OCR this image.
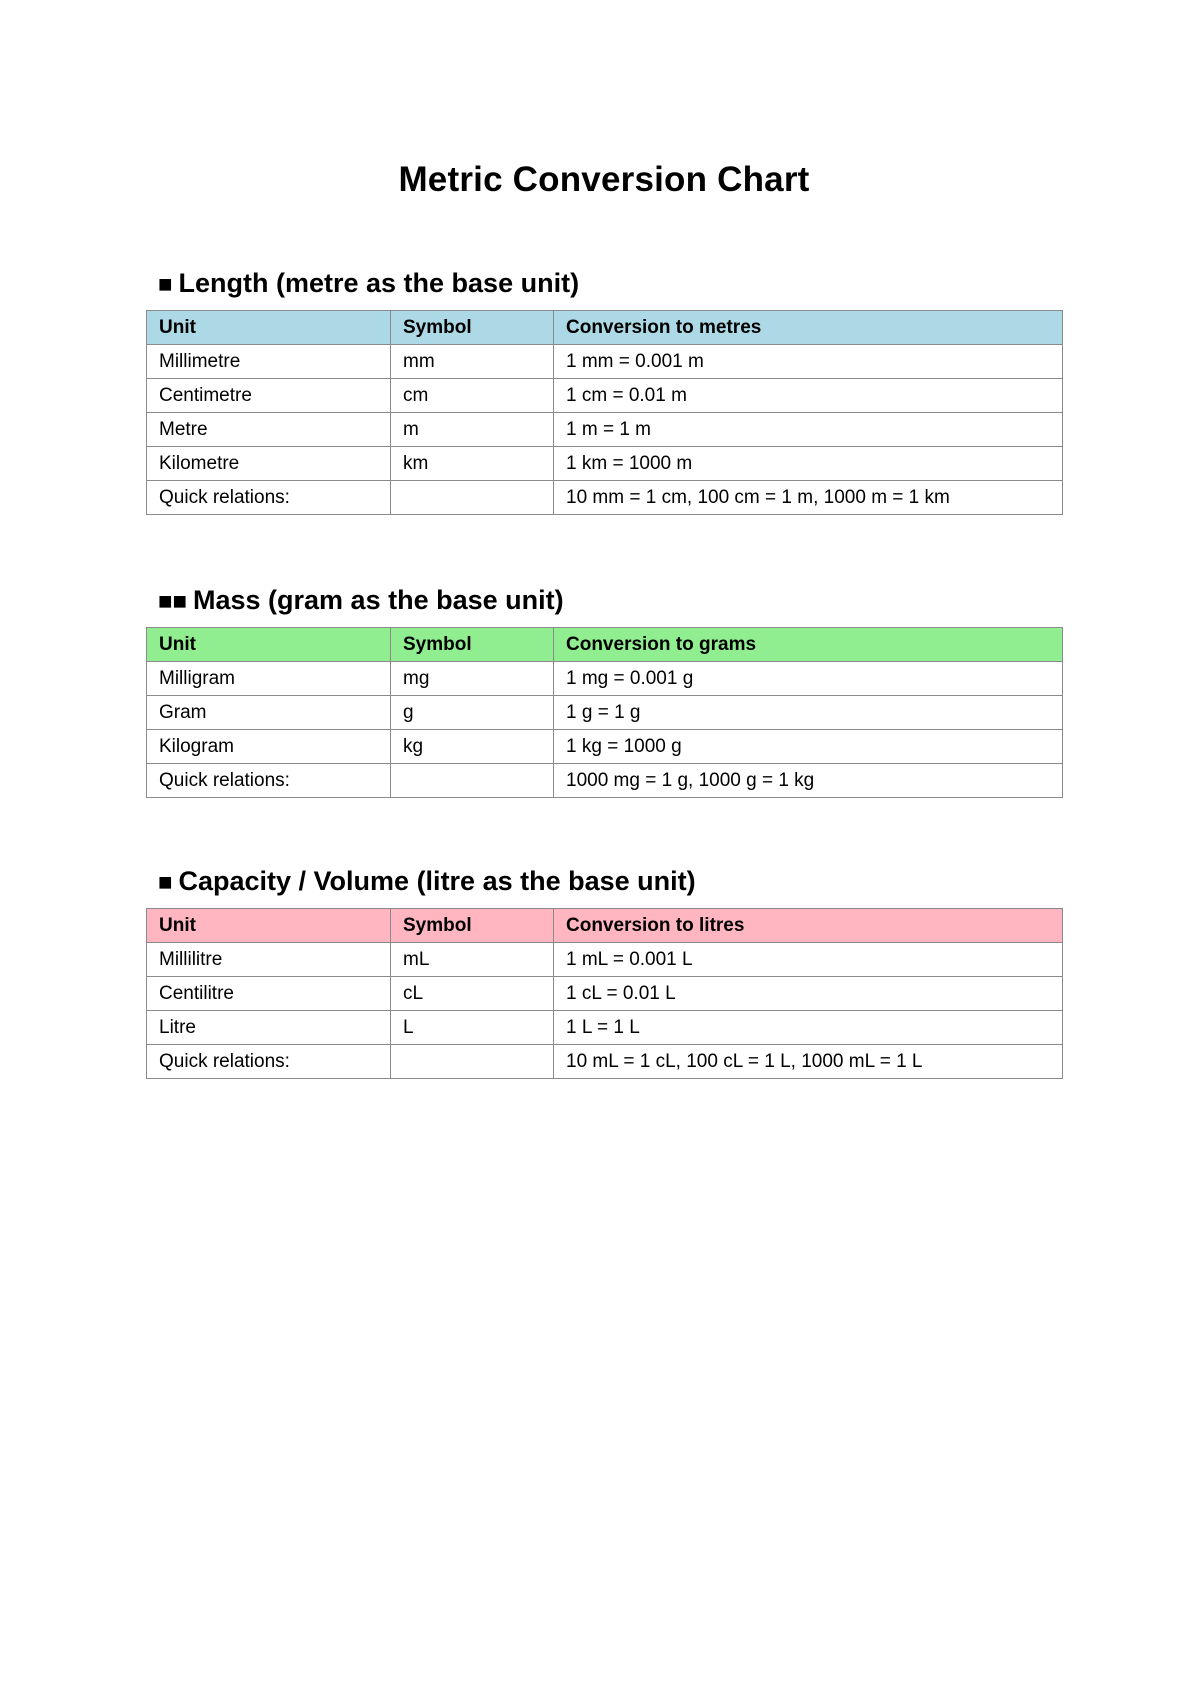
Metric Conversion Chart
■ Length (metre as the base unit)
Unit	Symbol	Conversion to metres
Millimetre	mm	1 mm = 0.001 m
Centimetre	cm	1 cm = 0.01 m
Metre	m	1 m = 1 m
Kilometre	km	1 km = 1000 m
Quick relations:		10 mm = 1 cm, 100 cm = 1 m, 1000 m = 1 km
■■ Mass (gram as the base unit)
Unit	Symbol	Conversion to grams
Milligram	mg	1 mg = 0.001 g
Gram	g	1 g = 1 g
Kilogram	kg	1 kg = 1000 g
Quick relations:		1000 mg = 1 g, 1000 g = 1 kg
■ Capacity / Volume (litre as the base unit)
Unit	Symbol	Conversion to litres
Millilitre	mL	1 mL = 0.001 L
Centilitre	cL	1 cL = 0.01 L
Litre	L	1 L = 1 L
Quick relations:		10 mL = 1 cL, 100 cL = 1 L, 1000 mL = 1 L
